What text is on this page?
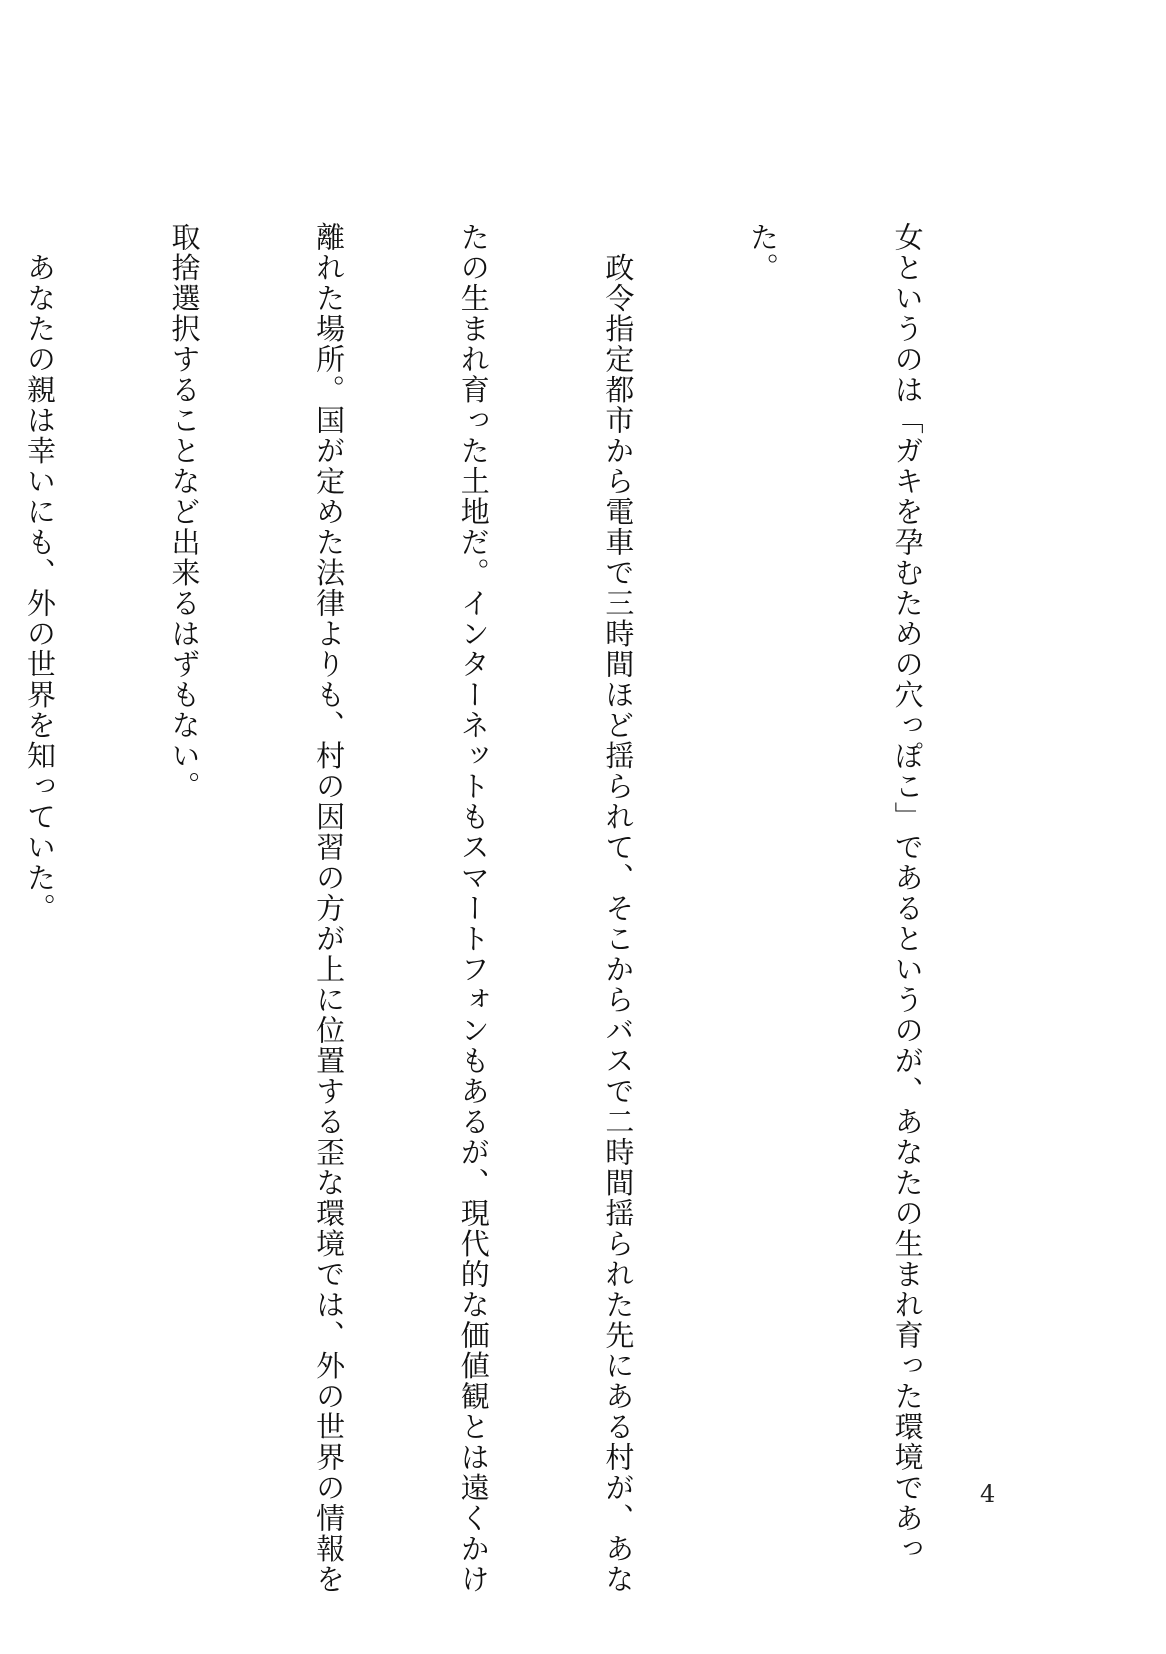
女というのは「ガキを孕むための穴っぽこ」であるというのが、あなたの生まれ育った環境であっ

た。

　政令指定都市から電車で三時間ほど揺られて、そこからバスで二時間揺られた先にある村が、あな

たの生まれ育った土地だ。インターネットもスマートフォンもあるが、現代的な価値観とは遠くかけ

離れた場所。国が定めた法律よりも、村の因習の方が上に位置する歪な環境では、外の世界の情報を

取捨選択することなど出来るはずもない。

　あなたの親は幸いにも、外の世界を知っていた。

4
